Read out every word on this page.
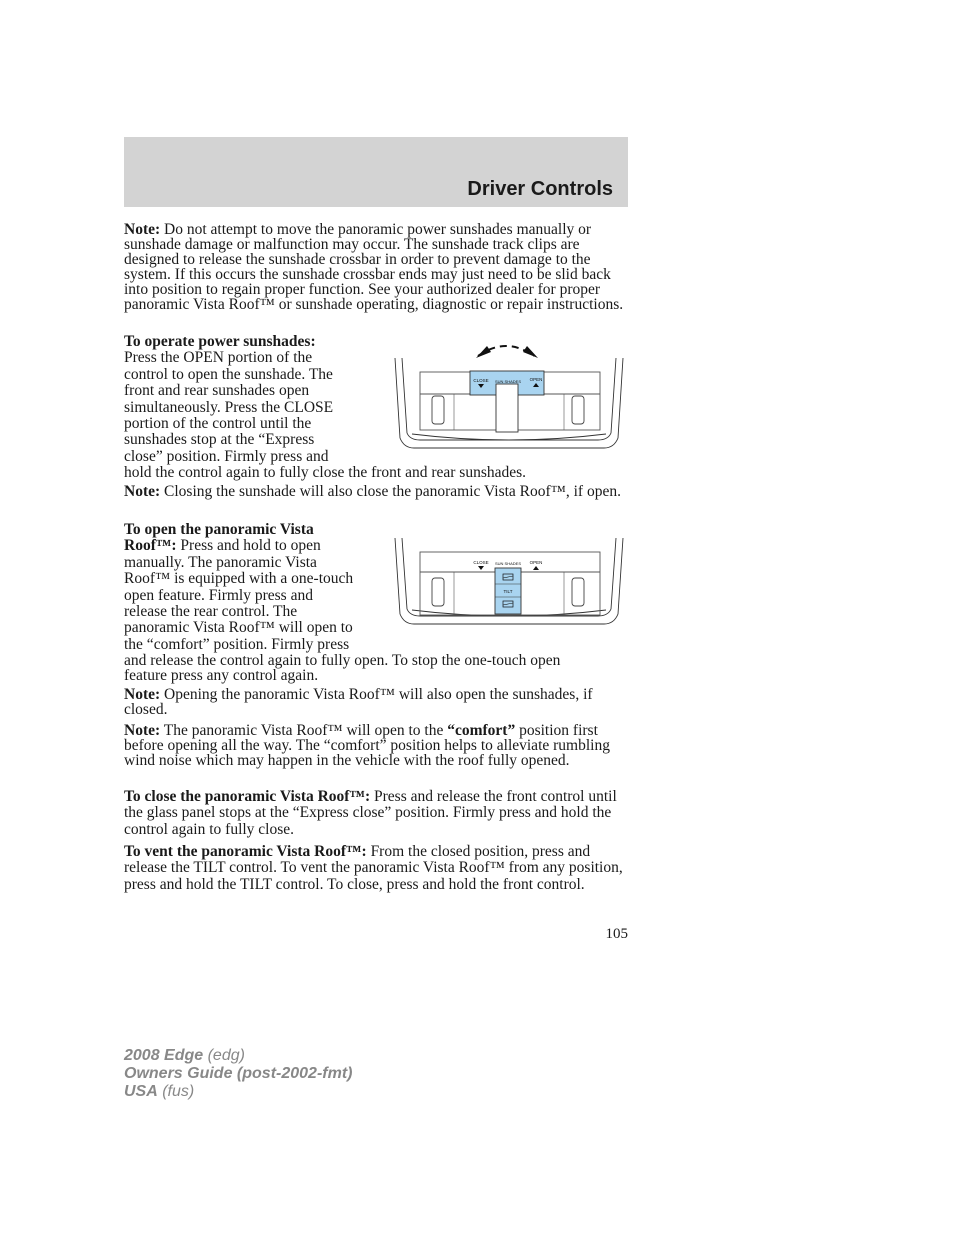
Driver Controls

Note: Do not attempt to move the panoramic power sunshades manually or sunshade damage or malfunction may occur. The sunshade track clips are designed to release the sunshade crossbar in order to prevent damage to the system. If this occurs the sunshade crossbar ends may just need to be slid back into position to regain proper function. See your authorized dealer for proper panoramic Vista Roof™ or sunshade operating, diagnostic or repair instructions.

To operate power sunshades:

Press the OPEN portion of the

control to open the sunshade. The

front and rear sunshades open

simultaneously. Press the CLOSE

portion of the control until the

sunshades stop at the “Express

close” position. Firmly press and

hold the control again to fully close the front and rear sunshades.

CLOSE SUN SHADES OPEN

Note: Closing the sunshade will also close the panoramic Vista Roof™, if open.

To open the panoramic Vista

Roof™: Press and hold to open

manually. The panoramic Vista

Roof™ is equipped with a one-touch

open feature. Firmly press and

release the rear control. The

panoramic Vista Roof™ will open to

the “comfort” position. Firmly press

and release the control again to fully open. To stop the one-touch open

feature press any control again.

CLOSE SUN SHADES OPEN
TILT

Note: Opening the panoramic Vista Roof™ will also open the sunshades, if closed.

Note: The panoramic Vista Roof™ will open to the “comfort” position first before opening all the way. The “comfort” position helps to alleviate rumbling wind noise which may happen in the vehicle with the roof fully opened.

To close the panoramic Vista Roof™: Press and release the front control until the glass panel stops at the “Express close” position. Firmly press and hold the control again to fully close.

To vent the panoramic Vista Roof™: From the closed position, press and release the TILT control. To vent the panoramic Vista Roof™ from any position, press and hold the TILT control. To close, press and hold the front control.

105
2008 Edge (edg)
Owners Guide (post-2002-fmt)
USA (fus)
